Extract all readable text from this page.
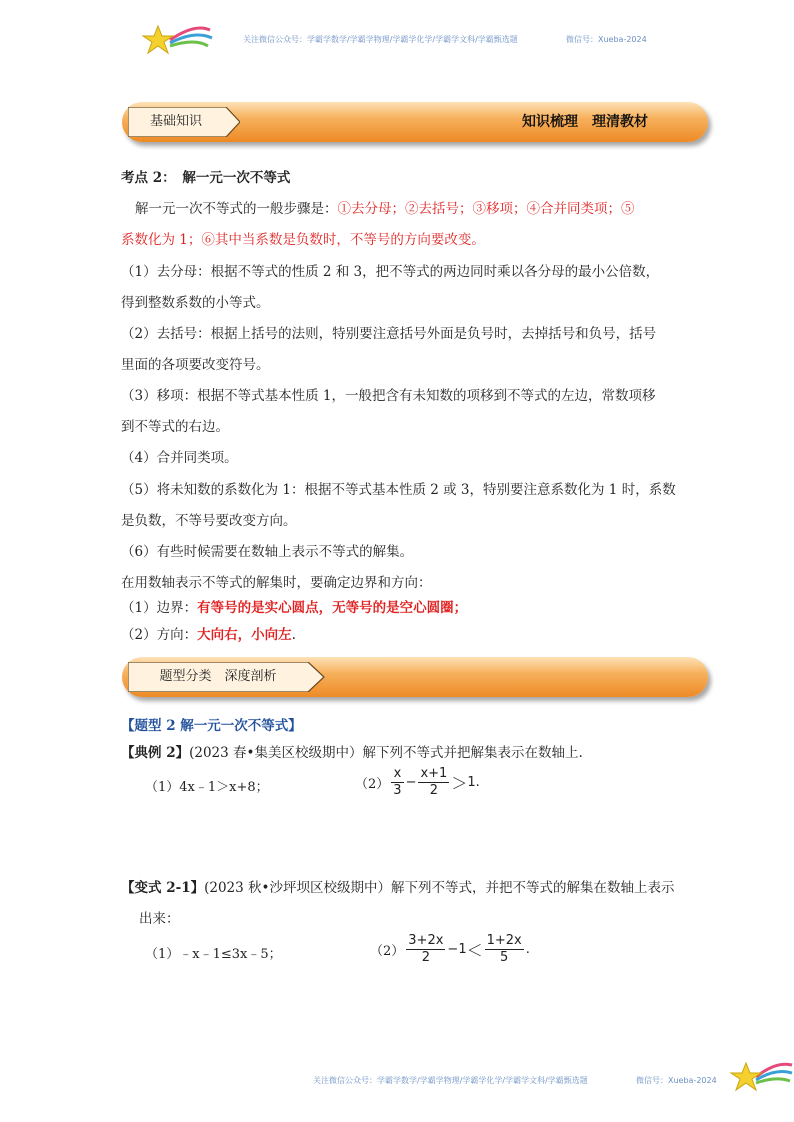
关注微信公众号：学霸学数学/学霸学物理/学霸学化学/学霸学文科/学霸甄选题	微信号：Xueba-2024
基础知识	知识梳理　理清教材
考点 2：　解一元一次不等式
解一元一次不等式的一般步骤是：①去分母；②去括号；③移项；④合并同类项；⑤
系数化为 1；⑥其中当系数是负数时，不等号的方向要改变。
（1）去分母：根据不等式的性质 2 和 3，把不等式的两边同时乘以各分母的最小公倍数，
得到整数系数的小等式。
（2）去括号：根据上括号的法则，特别要注意括号外面是负号时，去掉括号和负号，括号
里面的各项要改变符号。
（3）移项：根据不等式基本性质 1，一般把含有未知数的项移到不等式的左边，常数项移
到不等式的右边。
（4）合并同类项。
（5）将未知数的系数化为 1：根据不等式基本性质 2 或 3，特别要注意系数化为 1 时，系数
是负数，不等号要改变方向。
（6）有些时候需要在数轴上表示不等式的解集。
在用数轴表示不等式的解集时，要确定边界和方向：
（1）边界：有等号的是实心圆点，无等号的是空心圆圈；
（2）方向：大向右，小向左.
题型分类　深度剖析
【题型 2 解一元一次不等式】
【典例 2】(2023 春•集美区校级期中）解下列不等式并把解集表示在数轴上.
（1）4x﹣1＞x+8；	$(2) \frac{x}{3} - \frac{x+1}{2} >1$.
【变式 2-1】(2023 秋•沙坪坝区校级期中）解下列不等式，并把不等式的解集在数轴上表示
出来：
（1）﹣x﹣1≤3x﹣5；	$(2) \frac{3+2x}{2} -1< \frac{1+2x}{5}$ .
关注微信公众号：学霸学数学/学霸学物理/学霸学化学/学霸学文科/学霸甄选题	微信号：Xueba-2024
